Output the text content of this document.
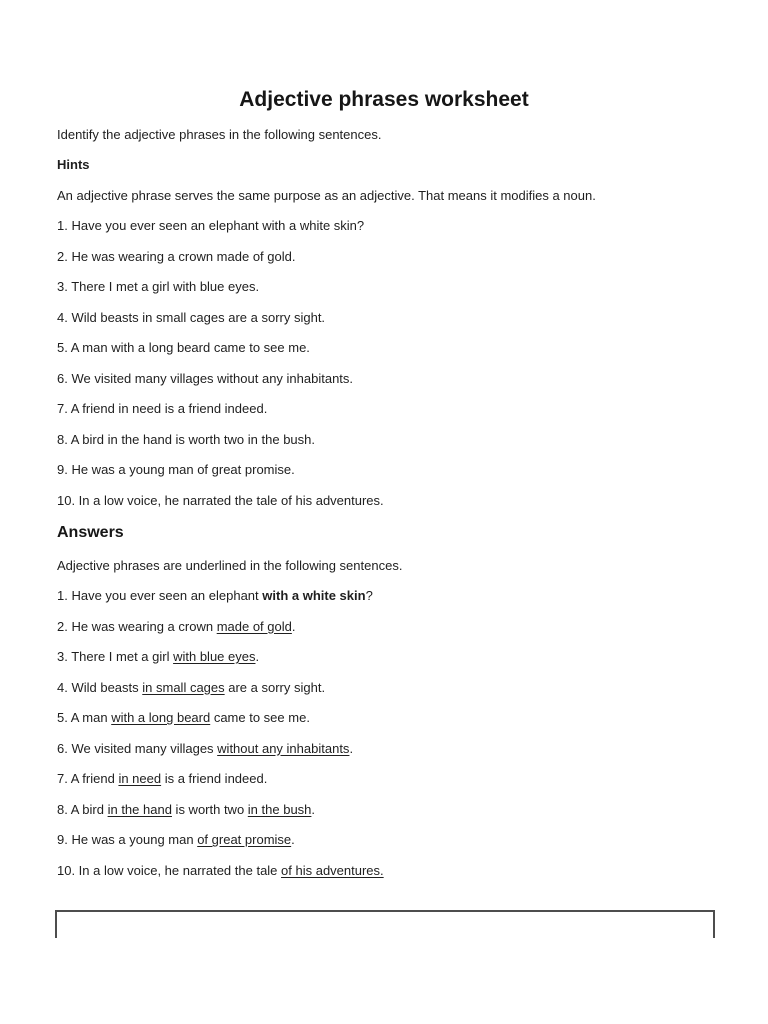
Adjective phrases worksheet

Identify the adjective phrases in the following sentences.

Hints

An adjective phrase serves the same purpose as an adjective. That means it modifies a noun.

1. Have you ever seen an elephant with a white skin?

2. He was wearing a crown made of gold.

3. There I met a girl with blue eyes.

4. Wild beasts in small cages are a sorry sight.

5. A man with a long beard came to see me.

6. We visited many villages without any inhabitants.

7. A friend in need is a friend indeed.

8. A bird in the hand is worth two in the bush.

9. He was a young man of great promise.

10. In a low voice, he narrated the tale of his adventures.

Answers

Adjective phrases are underlined in the following sentences.

1. Have you ever seen an elephant with a white skin?

2. He was wearing a crown made of gold.

3. There I met a girl with blue eyes.

4. Wild beasts in small cages are a sorry sight.

5. A man with a long beard came to see me.

6. We visited many villages without any inhabitants.

7. A friend in need is a friend indeed.

8. A bird in the hand is worth two in the bush.

9. He was a young man of great promise.

10. In a low voice, he narrated the tale of his adventures.
